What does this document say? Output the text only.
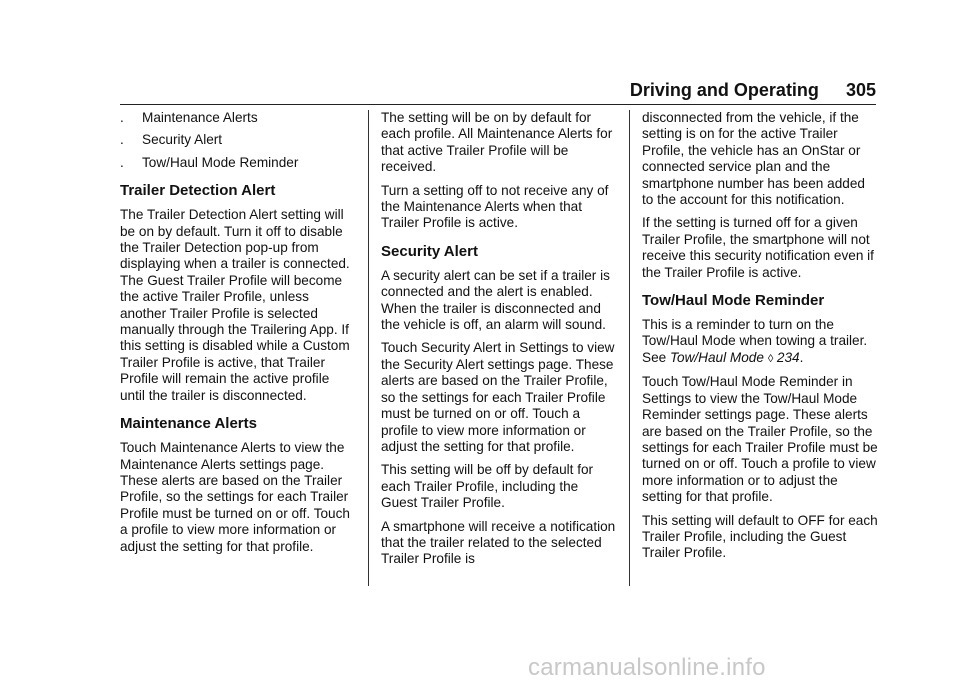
Driving and Operating 305
.	Maintenance Alerts
.	Security Alert
.	Tow/Haul Mode Reminder
Trailer Detection Alert

The Trailer Detection Alert setting will be on by default. Turn it off to disable the Trailer Detection pop-up from displaying when a trailer is connected. The Guest Trailer Profile will become the active Trailer Profile, unless another Trailer Profile is selected manually through the Trailering App. If this setting is disabled while a Custom Trailer Profile is active, that Trailer Profile will remain the active profile until the trailer is disconnected.

Maintenance Alerts

Touch Maintenance Alerts to view the Maintenance Alerts settings page. These alerts are based on the Trailer Profile, so the settings for each Trailer Profile must be turned on or off. Touch a profile to view more information or adjust the setting for that profile.

The setting will be on by default for each profile. All Maintenance Alerts for that active Trailer Profile will be received.

Turn a setting off to not receive any of the Maintenance Alerts when that Trailer Profile is active.

Security Alert

A security alert can be set if a trailer is connected and the alert is enabled. When the trailer is disconnected and the vehicle is off, an alarm will sound.

Touch Security Alert in Settings to view the Security Alert settings page. These alerts are based on the Trailer Profile, so the settings for each Trailer Profile must be turned on or off. Touch a profile to view more information or adjust the setting for that profile.

This setting will be off by default for each Trailer Profile, including the Guest Trailer Profile.

A smartphone will receive a notification that the trailer related to the selected Trailer Profile is

disconnected from the vehicle, if the setting is on for the active Trailer Profile, the vehicle has an OnStar or connected service plan and the smartphone number has been added to the account for this notification.

If the setting is turned off for a given Trailer Profile, the smartphone will not receive this security notification even if the Trailer Profile is active.

Tow/Haul Mode Reminder

This is a reminder to turn on the Tow/Haul Mode when towing a trailer. See Tow/Haul Mode ◊ 234.

Touch Tow/Haul Mode Reminder in Settings to view the Tow/Haul Mode Reminder settings page. These alerts are based on the Trailer Profile, so the settings for each Trailer Profile must be turned on or off. Touch a profile to view more information or to adjust the setting for that profile.

This setting will default to OFF for each Trailer Profile, including the Guest Trailer Profile.

carmanualsonline.info
